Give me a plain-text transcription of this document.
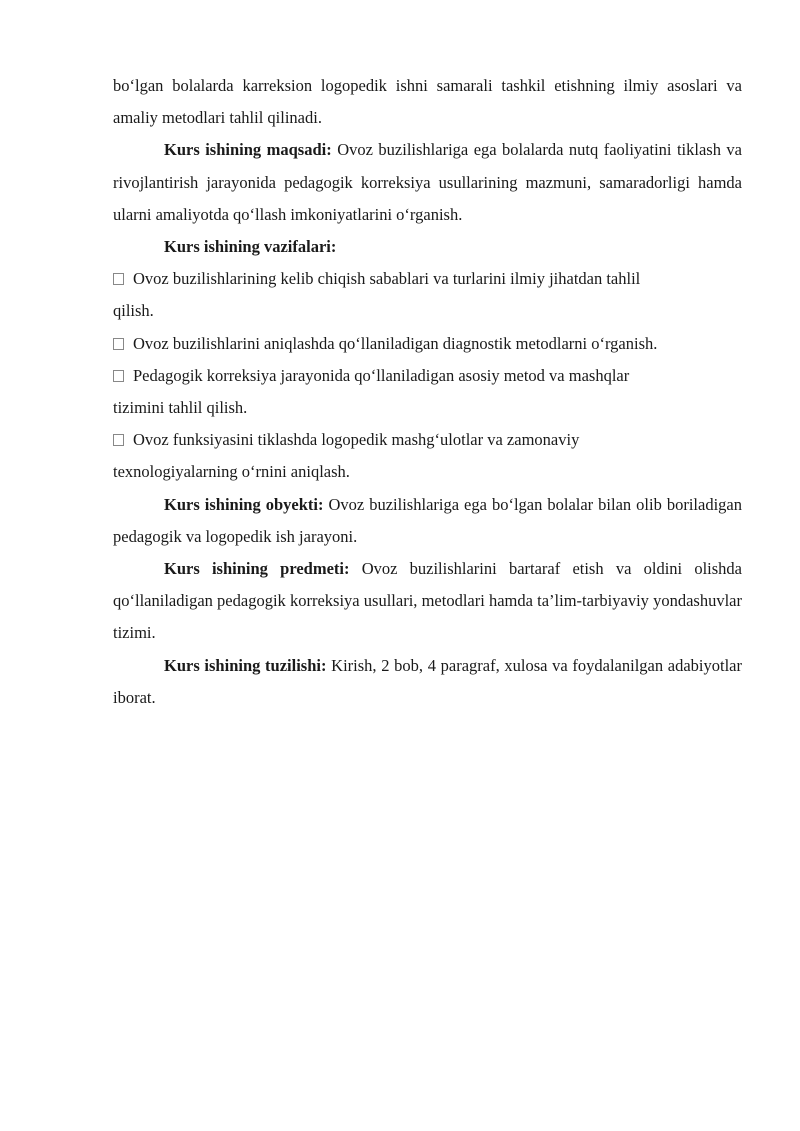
bo‘lgan bolalarda karreksion logopedik ishni samarali tashkil etishning ilmiy asoslari va amaliy metodlari tahlil qilinadi.

Kurs ishining maqsadi: Ovoz buzilishlariga ega bolalarda nutq faoliyatini tiklash va rivojlantirish jarayonida pedagogik korreksiya usullarining mazmuni, samaradorligi hamda ularni amaliyotda qo‘llash imkoniyatlarini o‘rganish.

Kurs ishining vazifalari:

Ovoz buzilishlarining kelib chiqish sabablari va turlarini ilmiy jihatdan tahlil
qilish.

Ovoz buzilishlarini aniqlashda qo‘llaniladigan diagnostik metodlarni o‘rganish.

Pedagogik korreksiya jarayonida qo‘llaniladigan asosiy metod va mashqlar
tizimini tahlil qilish.

Ovoz funksiyasini tiklashda logopedik mashg‘ulotlar va zamonaviy
texnologiyalarning o‘rnini aniqlash.

Kurs ishining obyekti: Ovoz buzilishlariga ega bo‘lgan bolalar bilan olib boriladigan pedagogik va logopedik ish jarayoni.

Kurs ishining predmeti: Ovoz buzilishlarini bartaraf etish va oldini olishda qo‘llaniladigan pedagogik korreksiya usullari, metodlari hamda ta’lim-tarbiyaviy yondashuvlar tizimi.

Kurs ishining tuzilishi: Kirish, 2 bob, 4 paragraf, xulosa va foydalanilgan adabiyotlar iborat.
